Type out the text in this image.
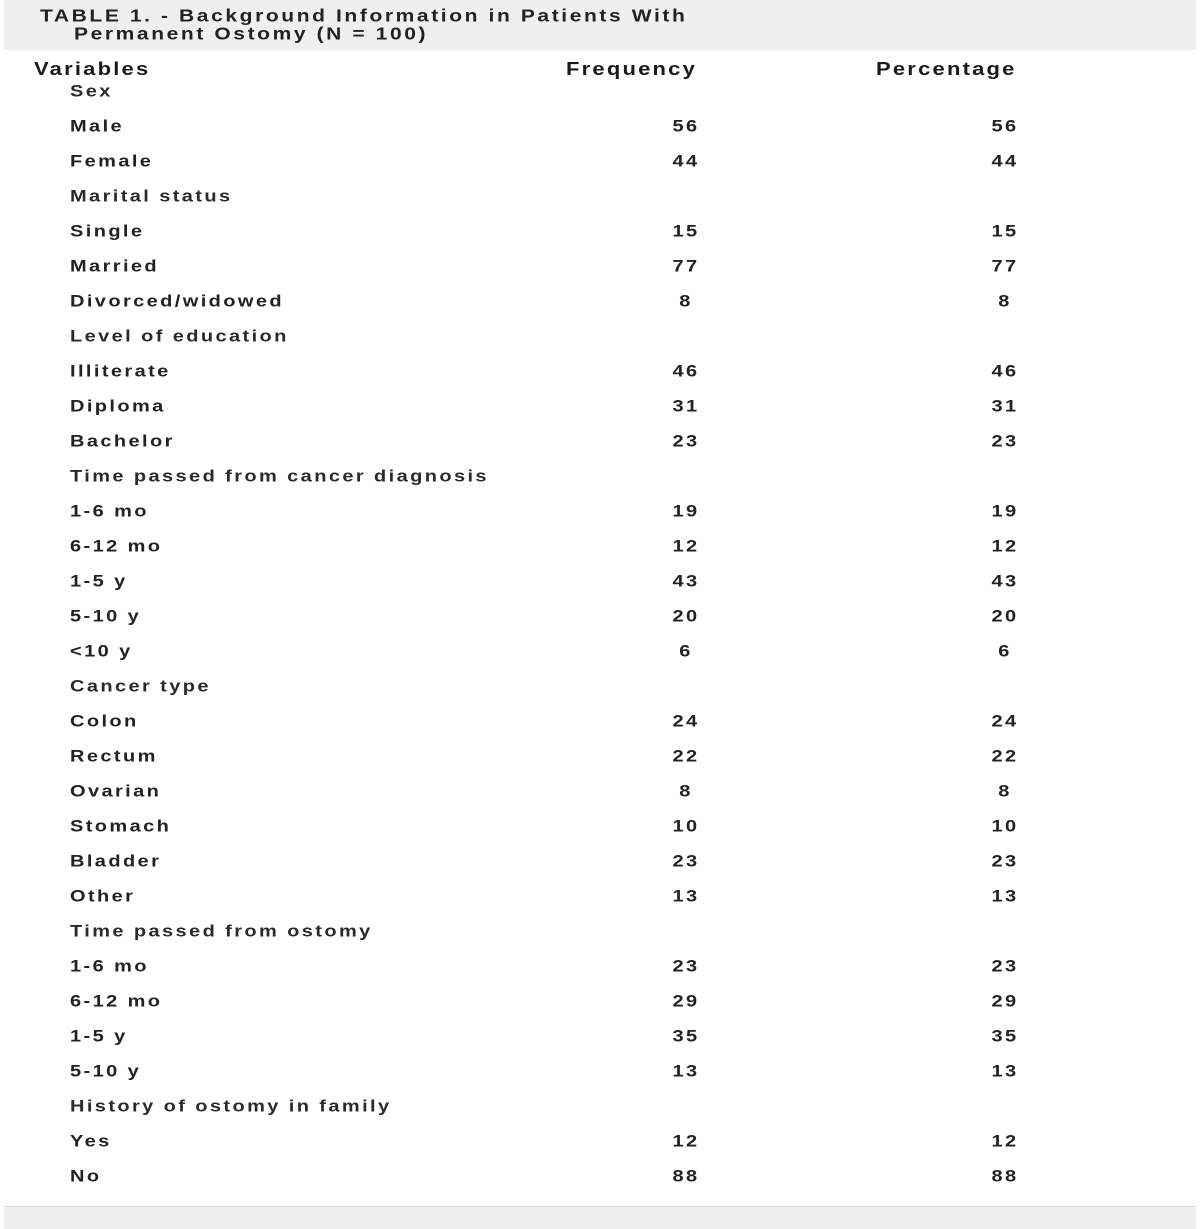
TABLE 1. - Background Information in Patients With
Permanent Ostomy (N = 100)
Variables	Frequency	Percentage
Sex
Male	56	56
Female	44	44
Marital status
Single	15	15
Married	77	77
Divorced/widowed	8	8
Level of education
Illiterate	46	46
Diploma	31	31
Bachelor	23	23
Time passed from cancer diagnosis
1-6 mo	19	19
6-12 mo	12	12
1-5 y	43	43
5-10 y	20	20
<10 y	6	6
Cancer type
Colon	24	24
Rectum	22	22
Ovarian	8	8
Stomach	10	10
Bladder	23	23
Other	13	13
Time passed from ostomy
1-6 mo	23	23
6-12 mo	29	29
1-5 y	35	35
5-10 y	13	13
History of ostomy in family
Yes	12	12
No	88	88
